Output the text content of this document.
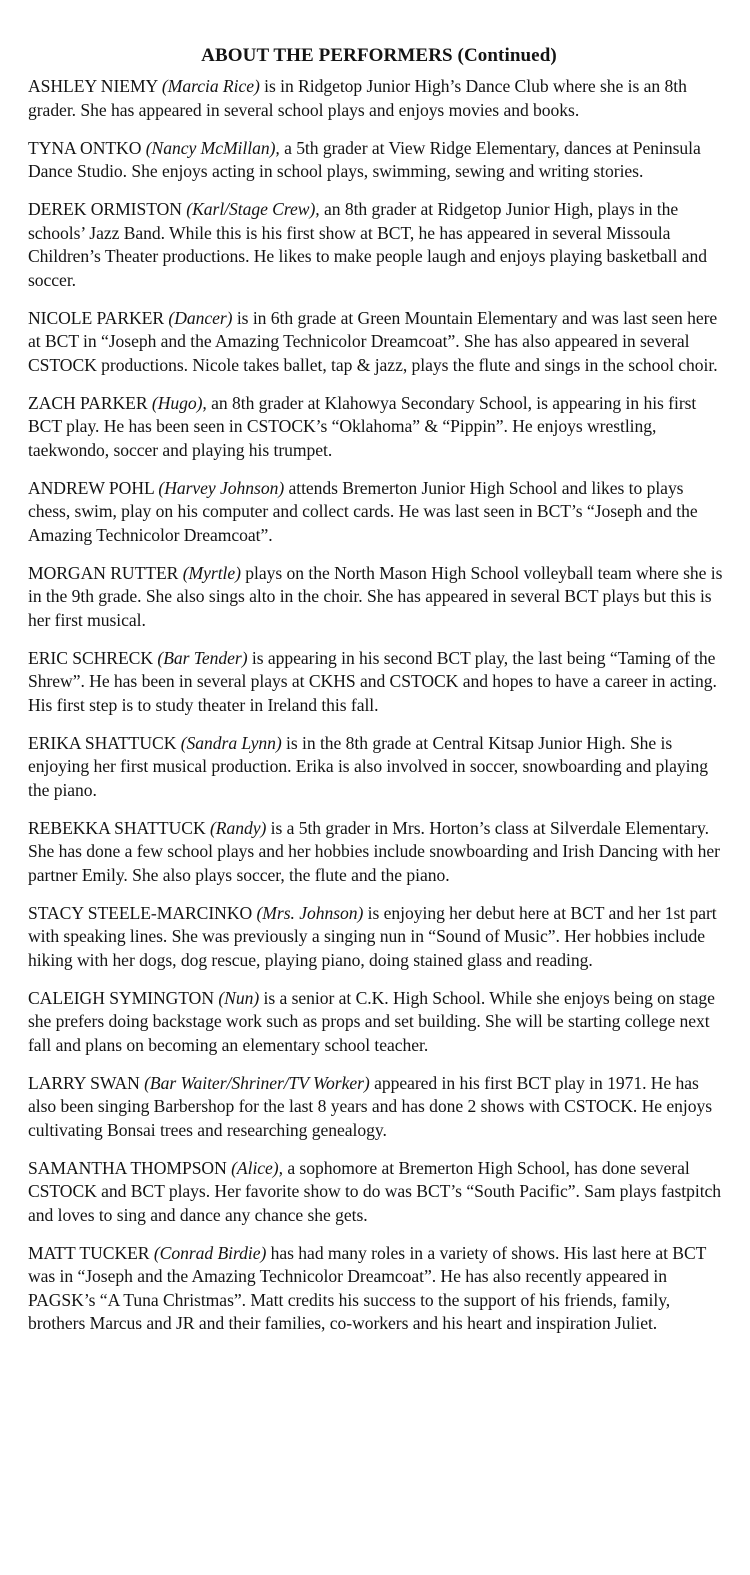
ABOUT THE PERFORMERS (Continued)

ASHLEY NIEMY (Marcia Rice) is in Ridgetop Junior High’s Dance Club where she is an 8th grader. She has appeared in several school plays and enjoys movies and books.

TYNA ONTKO (Nancy McMillan), a 5th grader at View Ridge Elementary, dances at Peninsula Dance Studio. She enjoys acting in school plays, swimming, sewing and writing stories.

DEREK ORMISTON (Karl/Stage Crew), an 8th grader at Ridgetop Junior High, plays in the schools’ Jazz Band. While this is his first show at BCT, he has appeared in several Missoula Children’s Theater productions. He likes to make people laugh and enjoys playing basketball and soccer.

NICOLE PARKER (Dancer) is in 6th grade at Green Mountain Elementary and was last seen here at BCT in “Joseph and the Amazing Technicolor Dreamcoat”. She has also appeared in several CSTOCK productions. Nicole takes ballet, tap & jazz, plays the flute and sings in the school choir.

ZACH PARKER (Hugo), an 8th grader at Klahowya Secondary School, is appearing in his first BCT play. He has been seen in CSTOCK’s “Oklahoma” & “Pippin”. He enjoys wrestling, taekwondo, soccer and playing his trumpet.

ANDREW POHL (Harvey Johnson) attends Bremerton Junior High School and likes to plays chess, swim, play on his computer and collect cards. He was last seen in BCT’s “Joseph and the Amazing Technicolor Dreamcoat”.

MORGAN RUTTER (Myrtle) plays on the North Mason High School volleyball team where she is in the 9th grade. She also sings alto in the choir. She has appeared in several BCT plays but this is her first musical.

ERIC SCHRECK (Bar Tender) is appearing in his second BCT play, the last being “Taming of the Shrew”. He has been in several plays at CKHS and CSTOCK and hopes to have a career in acting. His first step is to study theater in Ireland this fall.

ERIKA SHATTUCK (Sandra Lynn) is in the 8th grade at Central Kitsap Junior High. She is enjoying her first musical production. Erika is also involved in soccer, snowboarding and playing the piano.

REBEKKA SHATTUCK (Randy) is a 5th grader in Mrs. Horton’s class at Silverdale Elementary. She has done a few school plays and her hobbies include snowboarding and Irish Dancing with her partner Emily. She also plays soccer, the flute and the piano.

STACY STEELE-MARCINKO (Mrs. Johnson) is enjoying her debut here at BCT and her 1st part with speaking lines. She was previously a singing nun in “Sound of Music”. Her hobbies include hiking with her dogs, dog rescue, playing piano, doing stained glass and reading.

CALEIGH SYMINGTON (Nun) is a senior at C.K. High School. While she enjoys being on stage she prefers doing backstage work such as props and set building. She will be starting college next fall and plans on becoming an elementary school teacher.

LARRY SWAN (Bar Waiter/Shriner/TV Worker) appeared in his first BCT play in 1971. He has also been singing Barbershop for the last 8 years and has done 2 shows with CSTOCK. He enjoys cultivating Bonsai trees and researching genealogy.

SAMANTHA THOMPSON (Alice), a sophomore at Bremerton High School, has done several CSTOCK and BCT plays. Her favorite show to do was BCT’s “South Pacific”. Sam plays fastpitch and loves to sing and dance any chance she gets.

MATT TUCKER (Conrad Birdie) has had many roles in a variety of shows. His last here at BCT was in “Joseph and the Amazing Technicolor Dreamcoat”. He has also recently appeared in PAGSK’s “A Tuna Christmas”. Matt credits his success to the support of his friends, family, brothers Marcus and JR and their families, co-workers and his heart and inspiration Juliet.
